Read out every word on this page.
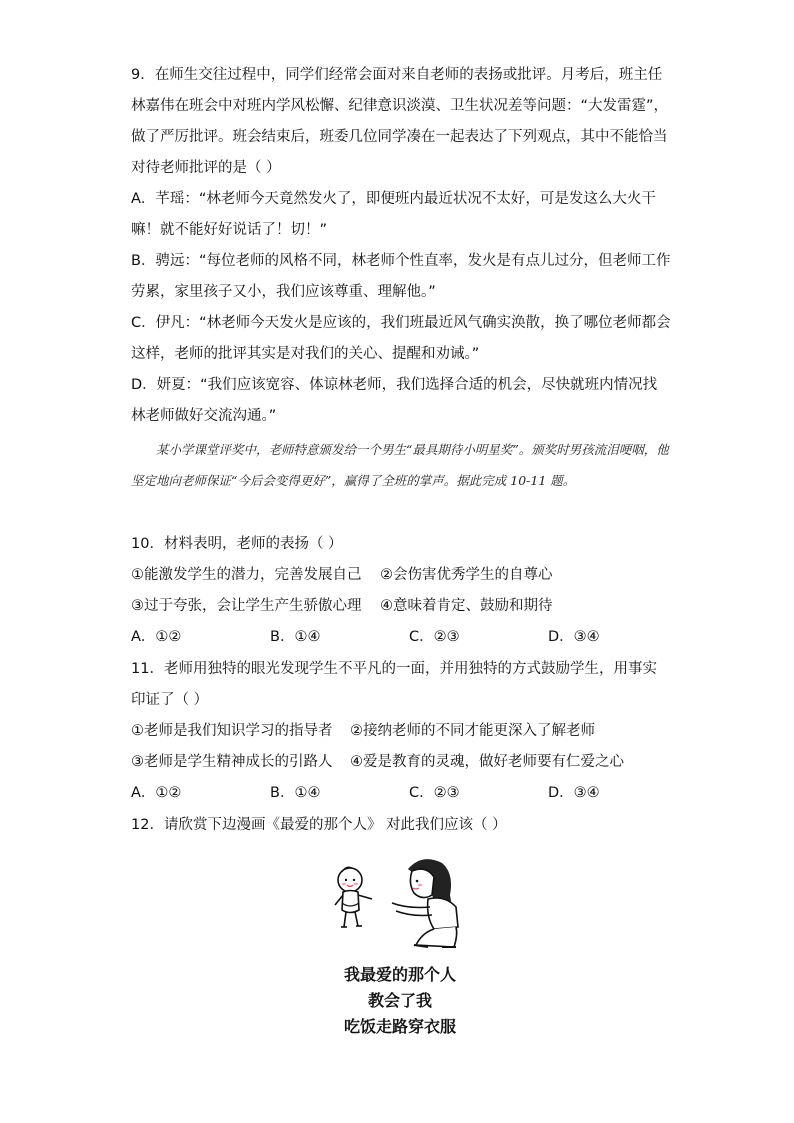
9．在师生交往过程中，同学们经常会面对来自老师的表扬或批评。月考后，班主任林嘉伟在班会中对班内学风松懈、纪律意识淡漠、卫生状况差等问题：“大发雷霆”，做了严厉批评。班会结束后，班委几位同学凑在一起表达了下列观点，其中不能恰当对待老师批评的是（ ）

A．芊瑶：“林老师今天竟然发火了，即便班内最近状况不太好，可是发这么大火干嘛！就不能好好说话了！切！”

B．骋远：“每位老师的风格不同，林老师个性直率，发火是有点儿过分，但老师工作劳累，家里孩子又小，我们应该尊重、理解他。”

C．伊凡：“林老师今天发火是应该的，我们班最近风气确实涣散，换了哪位老师都会这样，老师的批评其实是对我们的关心、提醒和劝诫。”

D．妍夏：“我们应该宽容、体谅林老师，我们选择合适的机会，尽快就班内情况找林老师做好交流沟通。”

某小学课堂评奖中，老师特意颁发给一个男生“最具期待小明星奖”。颁奖时男孩流泪哽咽，他坚定地向老师保证“今后会变得更好”，赢得了全班的掌声。据此完成 10-11 题。

10．材料表明，老师的表扬（ ）

①能激发学生的潜力，完善发展自己 ②会伤害优秀学生的自尊心
③过于夸张，会让学生产生骄傲心理 ④意味着肯定、鼓励和期待
A．①②	B．①④	C．②③	D．③④

11．老师用独特的眼光发现学生不平凡的一面，并用独特的方式鼓励学生，用事实印证了（ ）

①老师是我们知识学习的指导者 ②接纳老师的不同才能更深入了解老师
③老师是学生精神成长的引路人 ④爱是教育的灵魂，做好老师要有仁爱之心
A．①②	B．①④	C．②③	D．③④

12．请欣赏下边漫画《最爱的那个人》 对此我们应该（ ）

我最爱的那个人
教会了我
吃饭走路穿衣服
